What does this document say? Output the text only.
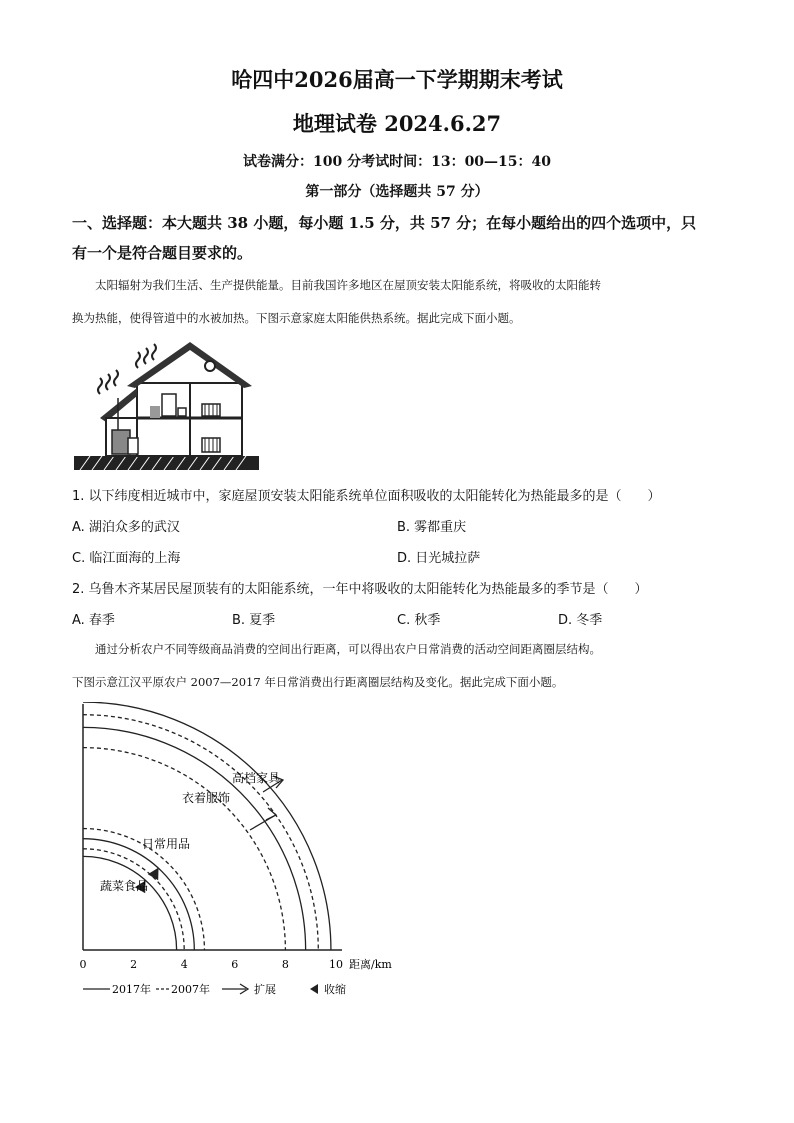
哈四中2026届高一下学期期末考试
地理试卷 2024.6.27
试卷满分：100 分考试时间：13：00—15：40
第一部分（选择题共 57 分）
一、选择题：本大题共 38 小题，每小题 1.5 分，共 57 分；在每小题给出的四个选项中，只
有一个是符合题目要求的。
太阳辐射为我们生活、生产提供能量。目前我国许多地区在屋顶安装太阳能系统，将吸收的太阳能转
换为热能，使得管道中的水被加热。下图示意家庭太阳能供热系统。据此完成下面小题。
1. 以下纬度相近城市中，家庭屋顶安装太阳能系统单位面积吸收的太阳能转化为热能最多的是（　　）
A. 湖泊众多的武汉	B. 雾都重庆
C. 临江面海的上海	D. 日光城拉萨
2. 乌鲁木齐某居民屋顶装有的太阳能系统，一年中将吸收的太阳能转化为热能最多的季节是（　　）
A. 春季	B. 夏季	C. 秋季	D. 冬季
通过分析农户不同等级商品消费的空间出行距离，可以得出农户日常消费的活动空间距离圈层结构。
下图示意江汉平原农户 2007—2017 年日常消费出行距离圈层结构及变化。据此完成下面小题。
高档家具
衣着服饰
日常用品
蔬菜食品
0	2	4	6	8	10 距离/km
2017年 2007年	扩展	收缩
